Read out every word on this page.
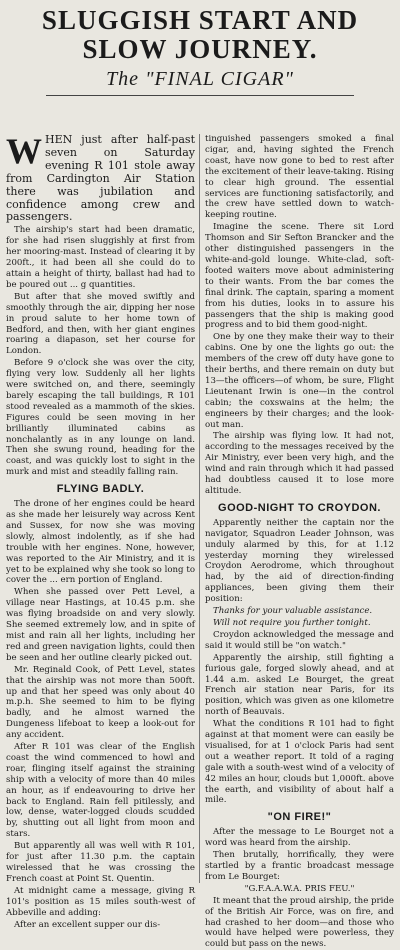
SLUGGISH START AND SLOW JOURNEY.
The "FINAL CIGAR"

W HEN just after half-past seven on Saturday evening R 101 stole away from Cardington Air Station there was jubilation and confidence among crew and passengers.

The airship's start had been dramatic, for she had risen sluggishly at first from her mooring-mast. Instead of clearing it by 200ft., it had been all she could do to attain a height of thirty, ballast had had to be poured out ... g quantities.

But after that she moved swiftly and smoothly through the air, dipping her nose in proud salute to her home town of Bedford, and then, with her giant engines roaring a diapason, set her course for London.

Before 9 o'clock she was over the city, flying very low. Suddenly all her lights were switched on, and there, seemingly barely escaping the tall buildings, R 101 stood revealed as a mammoth of the skies. Figures could be seen moving in her brilliantly illuminated cabins as nonchalantly as in any lounge on land. Then she swung round, heading for the coast, and was quickly lost to sight in the murk and mist and steadily falling rain.

FLYING BADLY.

The drone of her engines could be heard as she made her leisurely way across Kent and Sussex, for now she was moving slowly, almost indolently, as if she had trouble with her engines. None, however, was reported to the Air Ministry, and it is yet to be explained why she took so long to cover the ... ern portion of England.

When she passed over Pett Level, a village near Hastings, at 10.45 p.m. she was flying broadside on and very slowly. She seemed extremely low, and in spite of mist and rain all her lights, including her red and green navigation lights, could then be seen and her outline clearly picked out.

Mr. Reginald Cook, of Pett Level, states that the airship was not more than 500ft. up and that her speed was only about 40 m.p.h. She seemed to him to be flying badly, and he almost warned the Dungeness lifeboat to keep a look-out for any accident.

After R 101 was clear of the English coast the wind commenced to howl and roar, flinging itself against the straining ship with a velocity of more than 40 miles an hour, as if endeavouring to drive her back to England. Rain fell pitilessly, and low, dense, water-logged clouds scudded by, shutting out all light from moon and stars.

But apparently all was well with R 101, for just after 11.30 p.m. the captain wirelessed that he was crossing the French coast at Point St. Quentin.

At midnight came a message, giving R 101's position as 15 miles south-west of Abbeville and adding:

After an excellent supper our dis-

tinguished passengers smoked a final cigar, and, having sighted the French coast, have now gone to bed to rest after the excitement of their leave-taking. Rising to clear high ground. The essential services are functioning satisfactorily, and the crew have settled down to watch-keeping routine.

Imagine the scene. There sit Lord Thomson and Sir Sefton Brancker and the other distinguished passengers in the white-and-gold lounge. White-clad, soft-footed waiters move about administering to their wants. From the bar comes the final drink. The captain, sparing a moment from his duties, looks in to assure his passengers that the ship is making good progress and to bid them good-night.

One by one they make their way to their cabins. One by one the lights go out: the members of the crew off duty have gone to their berths, and there remain on duty but 13—the officers—of whom, be sure, Flight Lieutenant Irwin is one—in the control cabin; the coxswains at the helm; the engineers by their charges; and the look-out man.

The airship was flying low. It had not, according to the messages received by the Air Ministry, ever been very high, and the wind and rain through which it had passed had doubtless caused it to lose more altitude.

GOOD-NIGHT TO CROYDON.

Apparently neither the captain nor the navigator, Squadron Leader Johnson, was unduly alarmed by this, for at 1.12 yesterday morning they wirelessed Croydon Aerodrome, which throughout had, by the aid of direction-finding appliances, been giving them their position:

Thanks for your valuable assistance.

Will not require you further tonight.

Croydon acknowledged the message and said it would still be "on watch."

Apparently the airship, still fighting a furious gale, forged slowly ahead, and at 1.44 a.m. asked Le Bourget, the great French air station near Paris, for its position, which was given as one kilometre north of Beauvais.

What the conditions R 101 had to fight against at that moment were can easily be visualised, for at 1 o'clock Paris had sent out a weather report. It told of a raging gale with a south-west wind of a velocity of 42 miles an hour, clouds but 1,000ft. above the earth, and visibility of about half a mile.

"ON FIRE!"

After the message to Le Bourget not a word was heard from the airship.

Then brutally, horrifically, they were startled by a frantic broadcast message from Le Bourget:

"G.F.A.A.W.A. PRIS FEU."

It meant that the proud airship, the pride of the British Air Force, was on fire, and had crashed to her doom—and those who would have helped were powerless, they could but pass on the news.
